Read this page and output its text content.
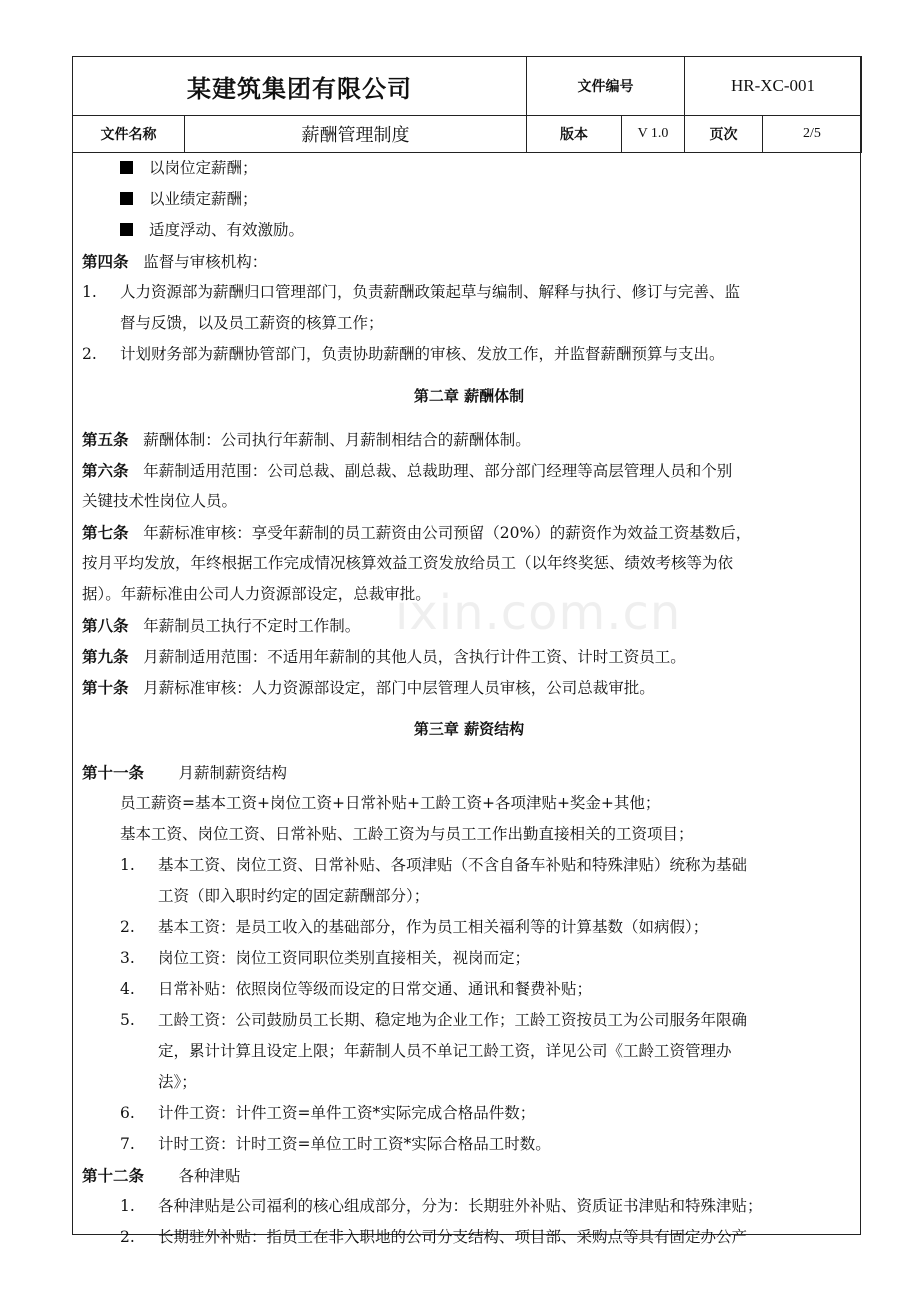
某建筑集团有限公司		文件编号		HR-XC-001	
文件名称	薪酬管理制度	版本	V 1.0	页次	2/5
ixin.com.cn
以岗位定薪酬；
以业绩定薪酬；
适度浮动、有效激励。
第四条 监督与审核机构：
1. 人力资源部为薪酬归口管理部门，负责薪酬政策起草与编制、解释与执行、修订与完善、监
督与反馈，以及员工薪资的核算工作；
2. 计划财务部为薪酬协管部门，负责协助薪酬的审核、发放工作，并监督薪酬预算与支出。
第二章 薪酬体制
第五条 薪酬体制：公司执行年薪制、月薪制相结合的薪酬体制。
第六条 年薪制适用范围：公司总裁、副总裁、总裁助理、部分部门经理等高层管理人员和个别
关键技术性岗位人员。
第七条 年薪标准审核：享受年薪制的员工薪资由公司预留（20%）的薪资作为效益工资基数后，
按月平均发放，年终根据工作完成情况核算效益工资发放给员工（以年终奖惩、绩效考核等为依
据）。年薪标准由公司人力资源部设定，总裁审批。
第八条 年薪制员工执行不定时工作制。
第九条 月薪制适用范围：不适用年薪制的其他人员，含执行计件工资、计时工资员工。
第十条 月薪标准审核：人力资源部设定，部门中层管理人员审核，公司总裁审批。
第三章 薪资结构
第十一条 月薪制薪资结构
员工薪资=基本工资+岗位工资+日常补贴+工龄工资+各项津贴+奖金+其他；
基本工资、岗位工资、日常补贴、工龄工资为与员工工作出勤直接相关的工资项目；
1. 基本工资、岗位工资、日常补贴、各项津贴（不含自备车补贴和特殊津贴）统称为基础
工资（即入职时约定的固定薪酬部分）；
2. 基本工资：是员工收入的基础部分，作为员工相关福利等的计算基数（如病假）；
3. 岗位工资：岗位工资同职位类别直接相关，视岗而定；
4. 日常补贴：依照岗位等级而设定的日常交通、通讯和餐费补贴；
5. 工龄工资：公司鼓励员工长期、稳定地为企业工作；工龄工资按员工为公司服务年限确
定，累计计算且设定上限；年薪制人员不单记工龄工资，详见公司《工龄工资管理办
法》；
6. 计件工资：计件工资=单件工资*实际完成合格品件数；
7. 计时工资：计时工资=单位工时工资*实际合格品工时数。
第十二条 各种津贴
1. 各种津贴是公司福利的核心组成部分，分为：长期驻外补贴、资质证书津贴和特殊津贴；
2. 长期驻外补贴：指员工在非入职地的公司分支结构、项目部、采购点等具有固定办公产
